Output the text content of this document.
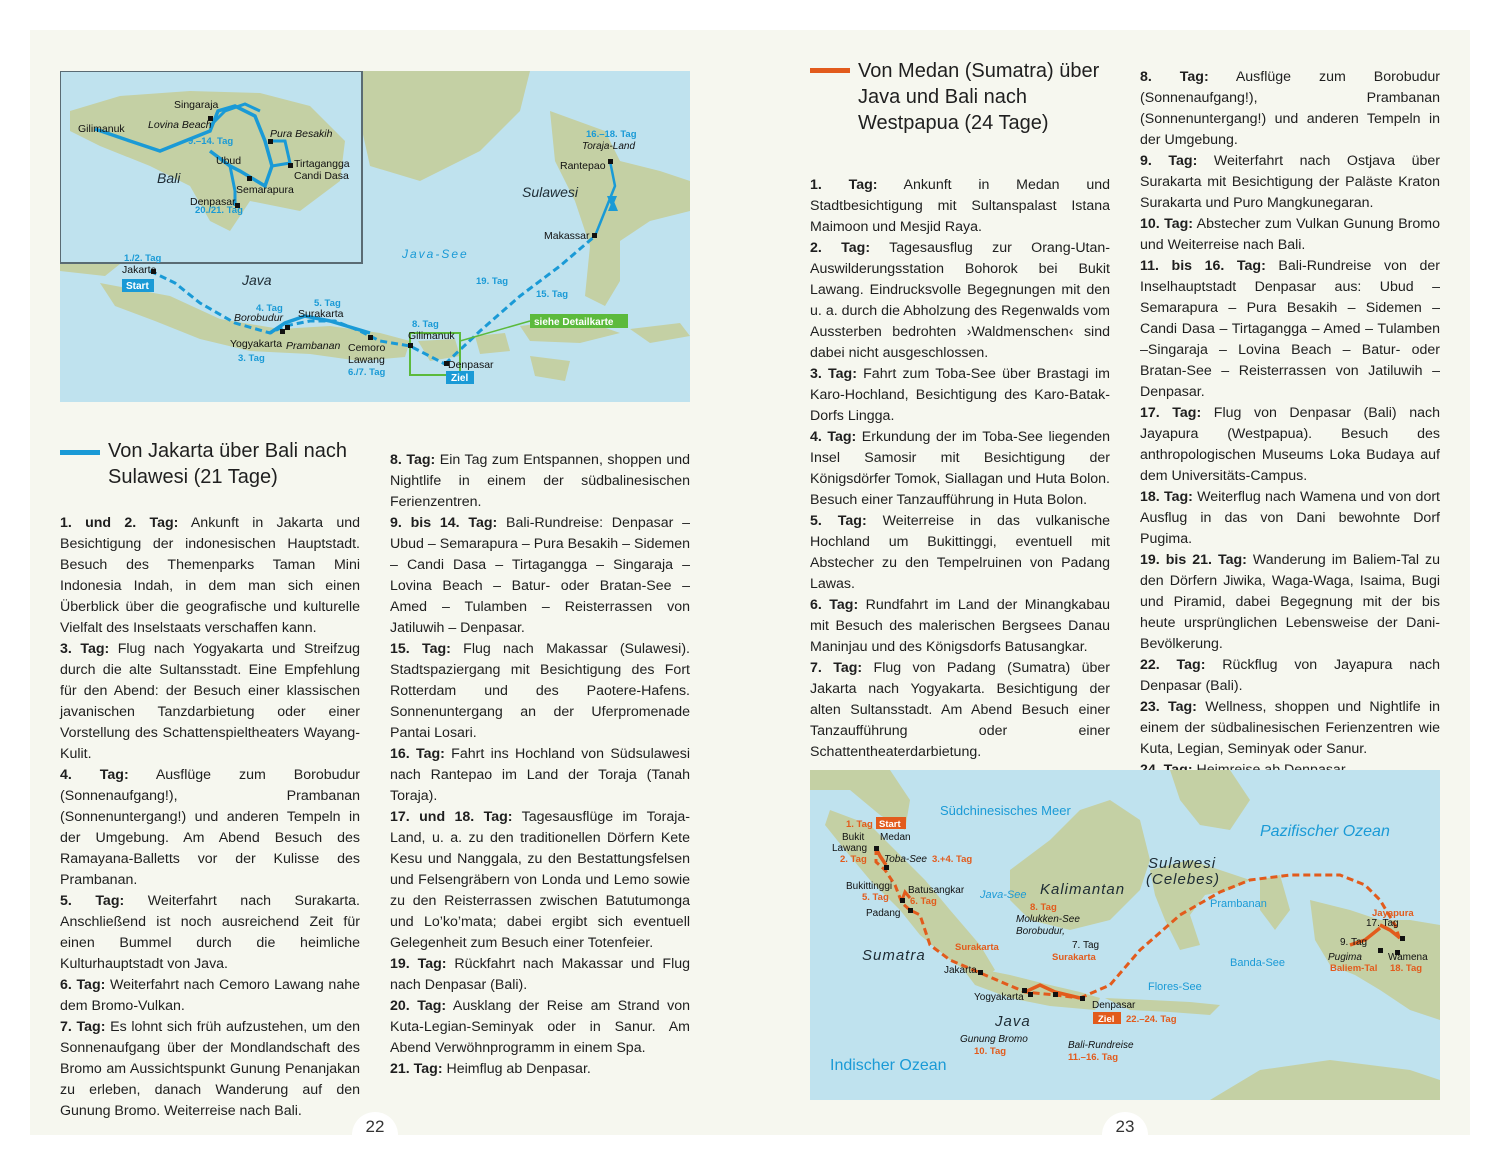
Singaraja
Gilimanuk Lovina Beach
Ubud
Pura Besakih
Tirtagangga
Candi Dasa
Semarapura
Denpasar
Rantepao
Makassar
Jakarta
Borobudur Surakarta
Gilimanuk
Yogyakarta Prambanan Cemoro
Lawang	Denpasar
9.–14. Tag
20./21. Tag
16.–18. Tag
1./2. Tag
19. Tag
15. Tag
4. Tag	5. Tag
8. Tag
3. Tag
6./7. Tag
Toraja-Land
Bali
Sulawesi
Java
Java-See
Start
Ziel
siehe Detailkarte
Von Jakarta über Bali nach Sulawesi (21 Tage)

1. und 2. Tag: Ankunft in Jakarta und Besichtigung der indonesischen Hauptstadt. Besuch des Themenparks Taman Mini Indonesia Indah, in dem man sich einen Überblick über die geografische und kulturelle Vielfalt des Inselstaats verschaffen kann.

3. Tag: Flug nach Yogyakarta und Streifzug durch die alte Sultansstadt. Eine Empfehlung für den Abend: der Besuch einer klassischen javanischen Tanzdarbietung oder einer Vorstellung des Schattenspieltheaters Wayang-Kulit.

4. Tag: Ausflüge zum Borobudur (Sonnenaufgang!), Prambanan (Sonnenuntergang!) und anderen Tempeln in der Umgebung. Am Abend Besuch des Ramayana-Balletts vor der Kulisse des Prambanan.

5. Tag: Weiterfahrt nach Surakarta. Anschließend ist noch ausreichend Zeit für einen Bummel durch die heimliche Kulturhauptstadt von Java.

6. Tag: Weiterfahrt nach Cemoro Lawang nahe dem Bromo-Vulkan.

7. Tag: Es lohnt sich früh aufzustehen, um den Sonnenaufgang über der Mondlandschaft des Bromo am Aussichtspunkt Gunung Penanjakan zu erleben, danach Wanderung auf den Gunung Bromo. Weiterreise nach Bali.

8. Tag: Ein Tag zum Entspannen, shoppen und Nightlife in einem der südbalinesischen Ferienzentren.

9. bis 14. Tag: Bali-Rundreise: Denpasar – Ubud – Semarapura – Pura Besakih – Sidemen – Candi Dasa – Tirtagangga – Singaraja – Lovina Beach – Batur- oder Bratan-See – Amed – Tulamben – Reisterrassen von Jatiluwih – Denpasar.

15. Tag: Flug nach Makassar (Sulawesi). Stadtspaziergang mit Besichtigung des Fort Rotterdam und des Paotere-Hafens. Sonnenuntergang an der Uferpromenade Pantai Losari.

16. Tag: Fahrt ins Hochland von Südsulawesi nach Rantepao im Land der Toraja (Tanah Toraja).

17. und 18. Tag: Tagesausflüge im Toraja-Land, u. a. zu den traditionellen Dörfern Kete Kesu und Nanggala, zu den Bestattungsfelsen und Felsengräbern von Londa und Lemo sowie zu den Reisterrassen zwischen Batutumonga und Lo’ko’mata; dabei ergibt sich eventuell Gelegenheit zum Besuch einer Totenfeier.

19. Tag: Rückfahrt nach Makassar und Flug nach Denpasar (Bali).

20. Tag: Ausklang der Reise am Strand von Kuta-Legian-Seminyak oder in Sanur. Am Abend Verwöhnprogramm in einem Spa.

21. Tag: Heimflug ab Denpasar.

22
Von Medan (Sumatra) über Java und Bali nach Westpapua (24 Tage)

1. Tag: Ankunft in Medan und Stadtbesichtigung mit Sultanspalast Istana Maimoon und Mesjid Raya.

2. Tag: Tagesausflug zur Orang-Utan-Auswilderungsstation Bohorok bei Bukit Lawang. Eindrucksvolle Begegnungen mit den u. a. durch die Abholzung des Regenwalds vom Aussterben bedrohten ›Waldmenschen‹ sind dabei nicht ausgeschlossen.

3. Tag: Fahrt zum Toba-See über Brastagi im Karo-Hochland, Besichtigung des Karo-Batak-Dorfs Lingga.

4. Tag: Erkundung der im Toba-See liegenden Insel Samosir mit Besichtigung der Königsdörfer Tomok, Siallagan und Huta Bolon. Besuch einer Tanzaufführung in Huta Bolon.

5. Tag: Weiterreise in das vulkanische Hochland um Bukittinggi, eventuell mit Abstecher zu den Tempelruinen von Padang Lawas.

6. Tag: Rundfahrt im Land der Minangkabau mit Besuch des malerischen Bergsees Danau Maninjau und des Königsdorfs Batusangkar.

7. Tag: Flug von Padang (Sumatra) über Jakarta nach Yogyakarta. Besichtigung der alten Sultansstadt. Am Abend Besuch einer Tanzaufführung oder einer Schattentheaterdarbietung.

8. Tag: Ausflüge zum Borobudur (Sonnenaufgang!), Prambanan (Sonnenuntergang!) und anderen Tempeln in der Umgebung.

9. Tag: Weiterfahrt nach Ostjava über Surakarta mit Besichtigung der Paläste Kraton Surakarta und Puro Mangkunegaran.

10. Tag: Abstecher zum Vulkan Gunung Bromo und Weiterreise nach Bali.

11. bis 16. Tag: Bali-Rundreise von der Inselhauptstadt Denpasar aus: Ubud – Semarapura – Pura Besakih – Sidemen – Candi Dasa – Tirtagangga – Amed – Tulamben –Singaraja – Lovina Beach – Batur- oder Bratan-See – Reisterrassen von Jatiluwih – Denpasar.

17. Tag: Flug von Denpasar (Bali) nach Jayapura (Westpapua). Besuch des anthropologischen Museums Loka Budaya auf dem Universitäts-Campus.

18. Tag: Weiterflug nach Wamena und von dort Ausflug in das von Dani bewohnte Dorf Pugima.

19. bis 21. Tag: Wanderung im Baliem-Tal zu den Dörfern Jiwika, Waga-Waga, Isaima, Bugi und Piramid, dabei Begegnung mit der bis heute ursprünglichen Lebensweise der Dani-Bevölkerung.

22. Tag: Rückflug von Jayapura nach Denpasar (Bali).

23. Tag: Wellness, shoppen und Nightlife in einem der südbalinesischen Ferienzentren wie Kuta, Legian, Seminyak oder Sanur.

Südchinesisches Meer
Pazifischer Ozean
Java-See
Prambanan
Banda-See
Flores-See
Indischer Ozean
Sulawesi
(Celebes)
Kalimantan
Sumatra
Java
Medan
Bukit
Lawang
Toba-See
Bukittinggi Batusangkar
Padang
Molukken-See
Borobudur,
7. Tag
17. Tag
9. Tag
Wamena
Pugima
Jakarta
Yogyakarta
Denpasar
Gunung Bromo
Bali-Rundreise
1. Tag
2. Tag	3.+4. Tag
5. Tag 6. Tag
Surakarta
8. Tag
Surakarta
Jayapura
Baliem-Tal 18. Tag
22.–24. Tag
10. Tag
11.–16. Tag
Start
Ziel
23
